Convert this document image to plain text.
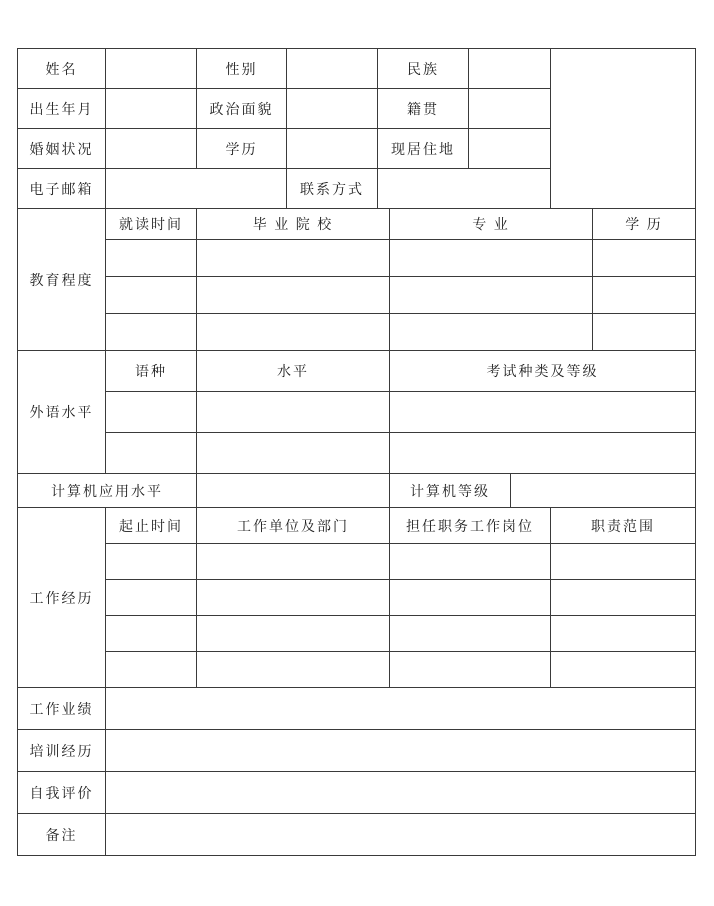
姓名		性别		民族					
出生年月		政治面貌		籍贯					
婚姻状况		学历		现居住地					
电子邮箱			联系方式						
教育程度	就读时间	毕 业 院 校			专 业				学 历

外语水平	语种	水平			考试种类及等级				

计算机应用水平					计算机等级				
工作经历	起止时间	工作单位及部门			担任职务工作岗位			职责范围	

工作业绩									
培训经历									
自我评价									
备注									
